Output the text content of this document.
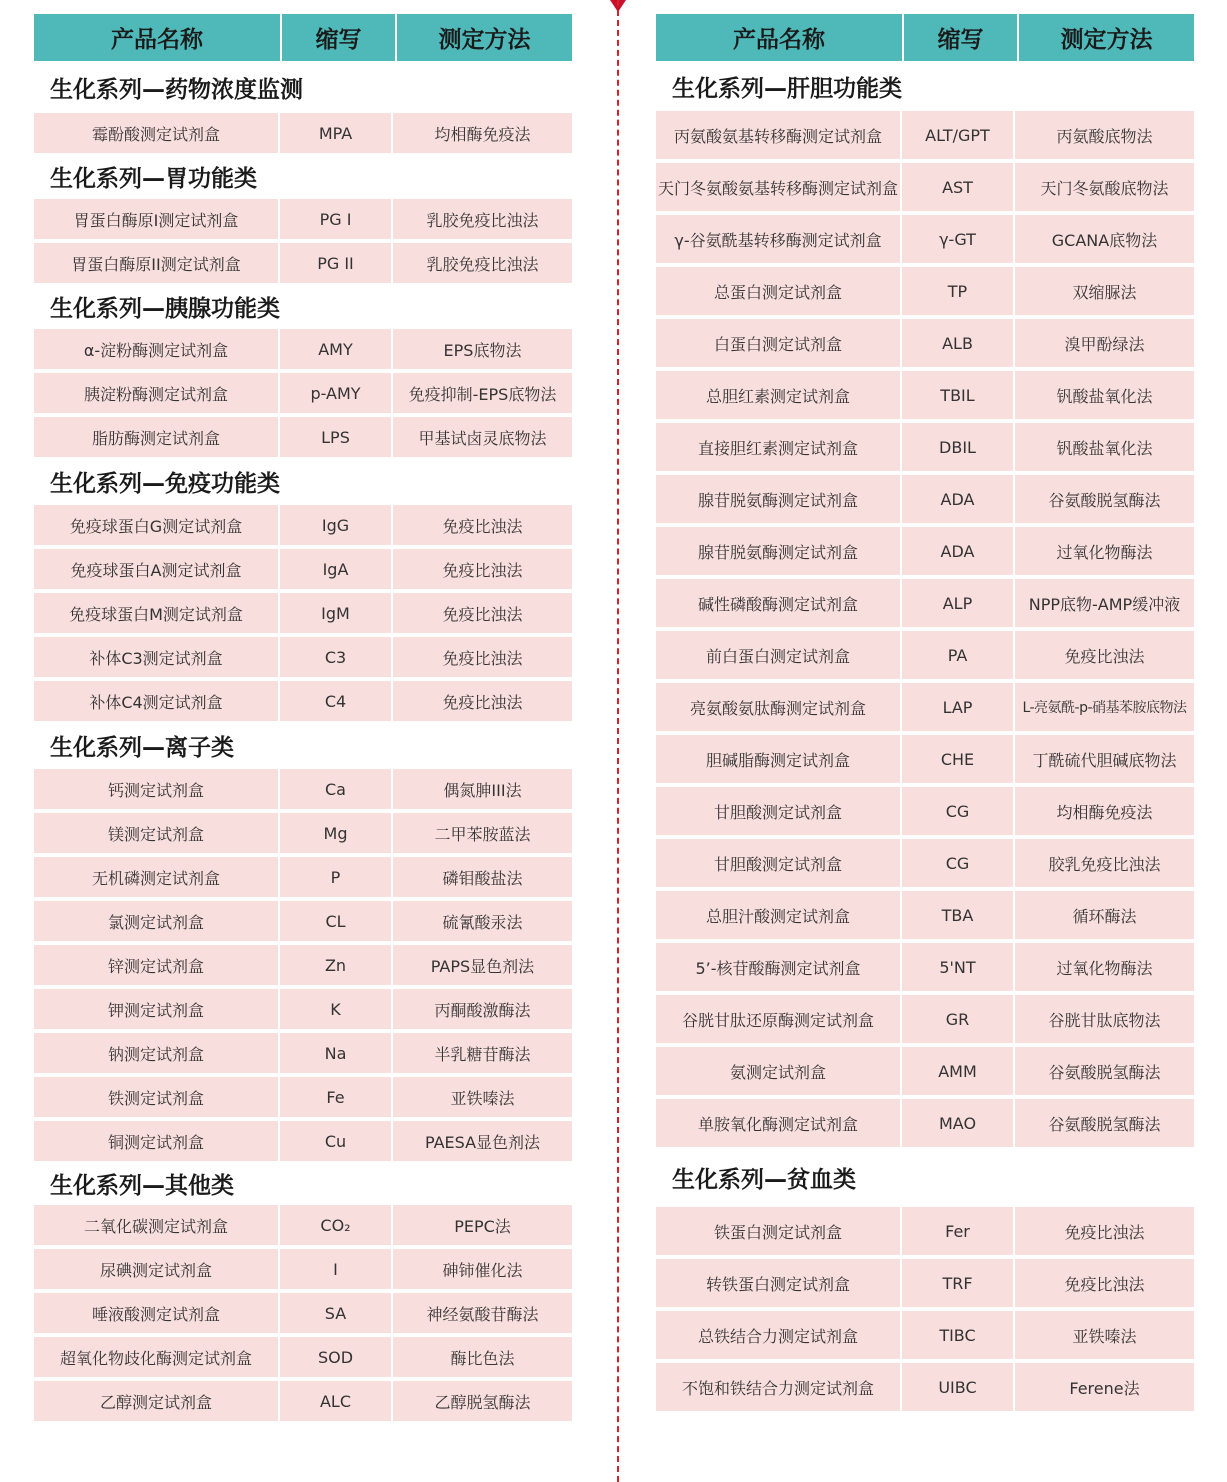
产品名称	缩写	测定方法
生化系列—药物浓度监测
霉酚酸测定试剂盒	MPA	均相酶免疫法
生化系列—胃功能类
胃蛋白酶原I测定试剂盒	PG I	乳胶免疫比浊法
胃蛋白酶原II测定试剂盒	PG II	乳胶免疫比浊法
生化系列—胰腺功能类
α-淀粉酶测定试剂盒	AMY	EPS底物法
胰淀粉酶测定试剂盒	p-AMY	免疫抑制-EPS底物法
脂肪酶测定试剂盒	LPS	甲基试卤灵底物法
生化系列—免疫功能类
免疫球蛋白G测定试剂盒	IgG	免疫比浊法
免疫球蛋白A测定试剂盒	IgA	免疫比浊法
免疫球蛋白M测定试剂盒	IgM	免疫比浊法
补体C3测定试剂盒	C3	免疫比浊法
补体C4测定试剂盒	C4	免疫比浊法
生化系列—离子类
钙测定试剂盒	Ca	偶氮胂III法
镁测定试剂盒	Mg	二甲苯胺蓝法
无机磷测定试剂盒	P	磷钼酸盐法
氯测定试剂盒	CL	硫氰酸汞法
锌测定试剂盒	Zn	PAPS显色剂法
钾测定试剂盒	K	丙酮酸激酶法
钠测定试剂盒	Na	半乳糖苷酶法
铁测定试剂盒	Fe	亚铁嗪法
铜测定试剂盒	Cu	PAESA显色剂法
生化系列—其他类
二氧化碳测定试剂盒	CO₂	PEPC法
尿碘测定试剂盒	I	砷铈催化法
唾液酸测定试剂盒	SA	神经氨酸苷酶法
超氧化物歧化酶测定试剂盒	SOD	酶比色法
乙醇测定试剂盒	ALC	乙醇脱氢酶法
产品名称	缩写	测定方法
生化系列—肝胆功能类
丙氨酸氨基转移酶测定试剂盒	ALT/GPT	丙氨酸底物法
天门冬氨酸氨基转移酶测定试剂盒	AST	天门冬氨酸底物法
γ-谷氨酰基转移酶测定试剂盒	γ-GT	GCANA底物法
总蛋白测定试剂盒	TP	双缩脲法
白蛋白测定试剂盒	ALB	溴甲酚绿法
总胆红素测定试剂盒	TBIL	钒酸盐氧化法
直接胆红素测定试剂盒	DBIL	钒酸盐氧化法
腺苷脱氨酶测定试剂盒	ADA	谷氨酸脱氢酶法
腺苷脱氨酶测定试剂盒	ADA	过氧化物酶法
碱性磷酸酶测定试剂盒	ALP	NPP底物-AMP缓冲液
前白蛋白测定试剂盒	PA	免疫比浊法
亮氨酸氨肽酶测定试剂盒	LAP	L-亮氨酰-p-硝基苯胺底物法
胆碱脂酶测定试剂盒	CHE	丁酰硫代胆碱底物法
甘胆酸测定试剂盒	CG	均相酶免疫法
甘胆酸测定试剂盒	CG	胶乳免疫比浊法
总胆汁酸测定试剂盒	TBA	循环酶法
5’-核苷酸酶测定试剂盒	5'NT	过氧化物酶法
谷胱甘肽还原酶测定试剂盒	GR	谷胱甘肽底物法
氨测定试剂盒	AMM	谷氨酸脱氢酶法
单胺氧化酶测定试剂盒	MAO	谷氨酸脱氢酶法
生化系列—贫血类
铁蛋白测定试剂盒	Fer	免疫比浊法
转铁蛋白测定试剂盒	TRF	免疫比浊法
总铁结合力测定试剂盒	TIBC	亚铁嗪法
不饱和铁结合力测定试剂盒	UIBC	Ferene法
